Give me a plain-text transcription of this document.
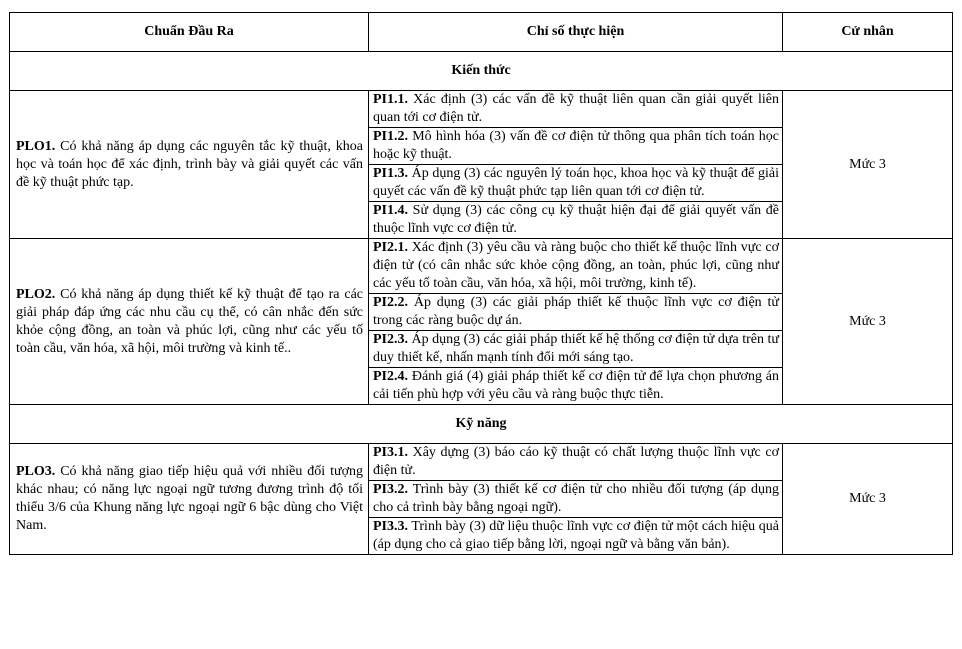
Chuẩn Đầu Ra	Chỉ số thực hiện	Cử nhân
Kiến thức		
PLO1. Có khả năng áp dụng các nguyên tắc kỹ thuật, khoa học và toán học để xác định, trình bày và giải quyết các vấn đề kỹ thuật phức tạp.	PI1.1. Xác định (3) các vấn đề kỹ thuật liên quan cần giải quyết liên quan tới cơ điện tử.	Mức 3
	PI1.2. Mô hình hóa (3) vấn đề cơ điện tử thông qua phân tích toán học hoặc kỹ thuật.	
	PI1.3. Áp dụng (3) các nguyên lý toán học, khoa học và kỹ thuật để giải quyết các vấn đề kỹ thuật phức tạp liên quan tới cơ điện tử.	
	PI1.4. Sử dụng (3) các công cụ kỹ thuật hiện đại để giải quyết vấn đề thuộc lĩnh vực cơ điện tử.	
PLO2. Có khả năng áp dụng thiết kế kỹ thuật để tạo ra các giải pháp đáp ứng các nhu cầu cụ thể, có cân nhắc đến sức khỏe cộng đồng, an toàn và phúc lợi, cũng như các yếu tố toàn cầu, văn hóa, xã hội, môi trường và kinh tế..	PI2.1. Xác định (3) yêu cầu và ràng buộc cho thiết kế thuộc lĩnh vực cơ điện tử (có cân nhắc sức khỏe cộng đồng, an toàn, phúc lợi, cũng như các yếu tố toàn cầu, văn hóa, xã hội, môi trường, kinh tế).	Mức 3
	PI2.2. Áp dụng (3) các giải pháp thiết kế thuộc lĩnh vực cơ điện tử trong các ràng buộc dự án.	
	PI2.3. Áp dụng (3) các giải pháp thiết kế hệ thống cơ điện tử dựa trên tư duy thiết kế, nhấn mạnh tính đổi mới sáng tạo.	
	PI2.4. Đánh giá (4) giải pháp thiết kế cơ điện tử để lựa chọn phương án cải tiến phù hợp với yêu cầu và ràng buộc thực tiễn.	
Kỹ năng		
PLO3. Có khả năng giao tiếp hiệu quả với nhiều đối tượng khác nhau; có năng lực ngoại ngữ tương đương trình độ tối thiểu 3/6 của Khung năng lực ngoại ngữ 6 bậc dùng cho Việt Nam.	PI3.1. Xây dựng (3) báo cáo kỹ thuật có chất lượng thuộc lĩnh vực cơ điện tử.	Mức 3
	PI3.2. Trình bày (3) thiết kế cơ điện tử cho nhiều đối tượng (áp dụng cho cả trình bày bằng ngoại ngữ).	
	PI3.3. Trình bày (3) dữ liệu thuộc lĩnh vực cơ điện tử một cách hiệu quả (áp dụng cho cả giao tiếp bằng lời, ngoại ngữ và bằng văn bản).	
